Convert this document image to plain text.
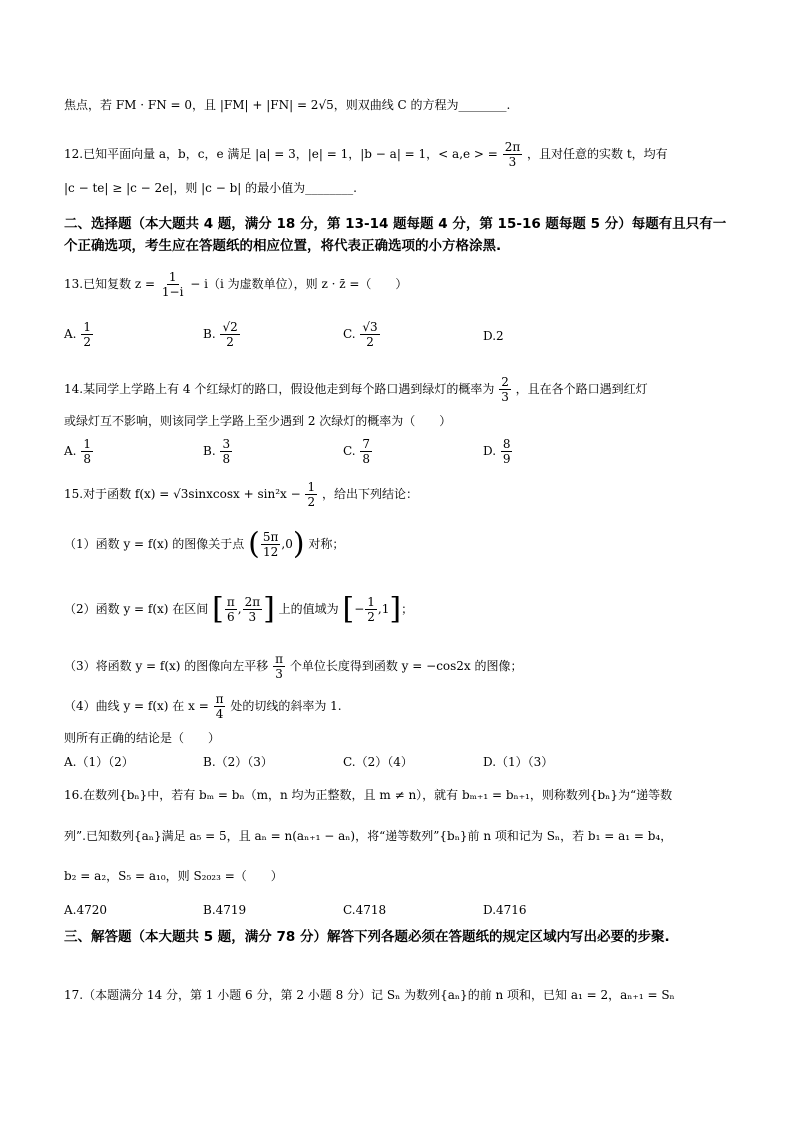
焦点，若 FM · FN = 0，且 |FM| + |FN| = 2√5，则双曲线 C 的方程为________.
12.已知平面向量 a，b，c，e 满足 |a| = 3，|e| = 1，|b − a| = 1，< a,e > = $\frac{2\pi}{3}$ ，且对任意的实数 t，均有
|c − te| ≥ |c − 2e|，则 |c − b| 的最小值为________.
二、选择题（本大题共 4 题，满分 18 分，第 13-14 题每题 4 分，第 15-16 题每题 5 分）每题有且只有一个正确选项，考生应在答题纸的相应位置，将代表正确选项的小方格涂黑.
13.已知复数 $z = \frac{1}{1-i} - i(i$ 为虚数单位），则 z · z̄ =（　　）
A. $\frac{1}{2}$	B. $\frac{√2}{2}$	C. $\frac{√3}{2}$	D.2
14.某同学上学路上有 4 个红绿灯的路口，假设他走到每个路口遇到绿灯的概率为 $\frac{2}{3}$ ，且在各个路口遇到红灯
或绿灯互不影响，则该同学上学路上至少遇到 2 次绿灯的概率为（　　）
A. $\frac{1}{8}$	B. $\frac{3}{8}$	C. $\frac{7}{8}$	D. $\frac{8}{9}$
15.对于函数 f(x) = √3sinxcosx + $\sin^2x - \frac{1}{2}$ ，给出下列结论：
（1）函数 y = f(x) 的图像关于点 ( $\frac{5\pi}{12} ,0$) 对称；
（2）函数 y = f(x) 在区间 [ $\frac{\pi}{6}$ , $\frac{2\pi}{3}$ ] 上的值域为 [− $\frac{1}{2} ,1$]；
（3）将函数 y = f(x) 的图像向左平移 $\frac{\pi}{3}$ 个单位长度得到函数 y = −cos2x 的图像；
（4）曲线 y = f(x) 在 $x = \frac{\pi}{4}$ 处的切线的斜率为 1.
则所有正确的结论是（　　）
A.（1）（2）	B.（2）（3）	C.（2）（4）	D.（1）（3）
16.在数列{bₙ}中，若有 bₘ = bₙ（m，n 均为正整数，且 m ≠ n），就有 bₘ₊₁ = bₙ₊₁，则称数列{bₙ}为“递等数
列”.已知数列{aₙ}满足 a₅ = 5，且 aₙ = n(aₙ₊₁ − aₙ)，将“递等数列”{bₙ}前 n 项和记为 Sₙ，若 b₁ = a₁ = b₄，
b₂ = a₂，S₅ = a₁₀，则 S₂₀₂₃ =（　　）
A.4720	B.4719	C.4718	D.4716
三、解答题（本大题共 5 题，满分 78 分）解答下列各题必须在答题纸的规定区域内写出必要的步聚.
17.（本题满分 14 分，第 1 小题 6 分，第 2 小题 8 分）记 Sₙ 为数列{aₙ}的前 n 项和，已知 a₁ = 2，aₙ₊₁ = Sₙ
